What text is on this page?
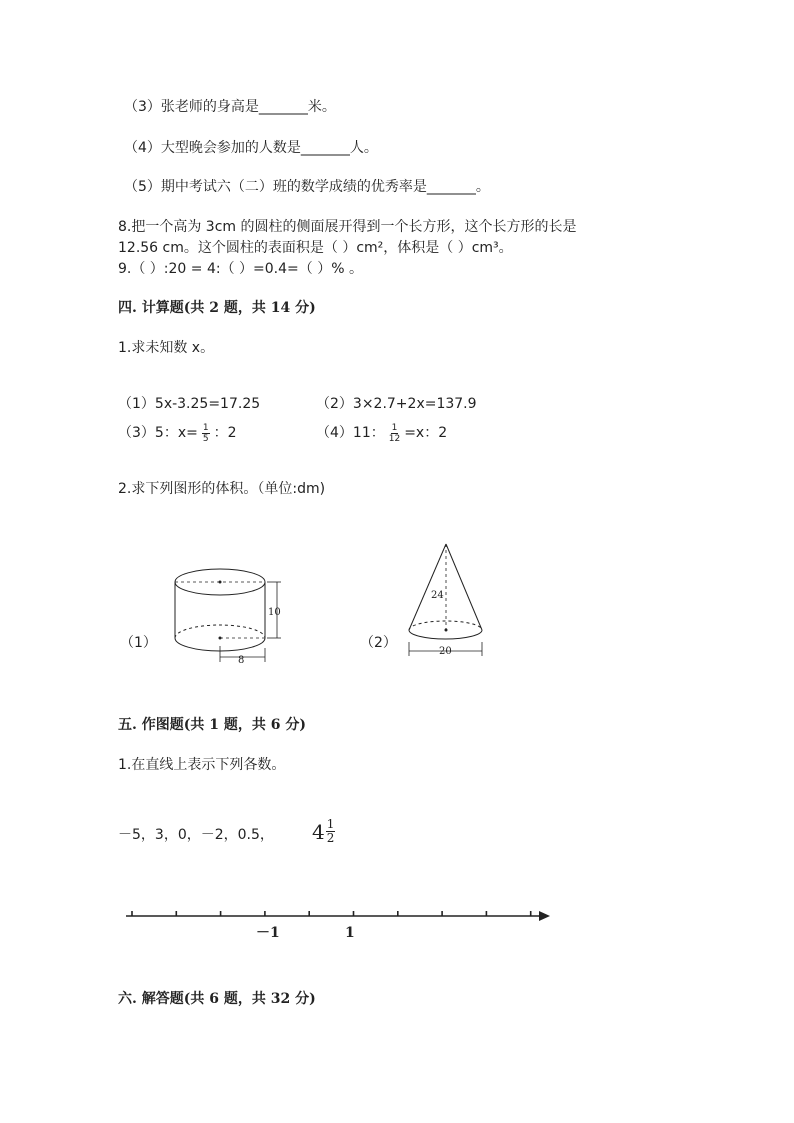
（3）张老师的身高是_______米。
（4）大型晚会参加的人数是_______人。
（5）期中考试六（二）班的数学成绩的优秀率是_______。
8.把一个高为 3cm 的圆柱的侧面展开得到一个长方形，这个长方形的长是
12.56 cm。这个圆柱的表面积是（ ）cm²，体积是（ ）cm³。
9.（ ）:20 = 4:（ ）=0.4=（ ）% 。
四. 计算题(共 2 题，共 14 分)
1.求未知数 x。
（1）5x-3.25=17.25	（2）3×2.7+2x=137.9
（3）5：$x= \frac{1}{5}$ ：2	（4）11： $\frac{1}{12} =x$：2
2.求下列图形的体积。（单位:dm)
（1）
10
8
（2）
24
20
五. 作图题(共 1 题，共 6 分)
1.在直线上表示下列各数。
－5，3，0，－2，0.5， $4 \frac{1}{2}$
－1	1
六. 解答题(共 6 题，共 32 分)
